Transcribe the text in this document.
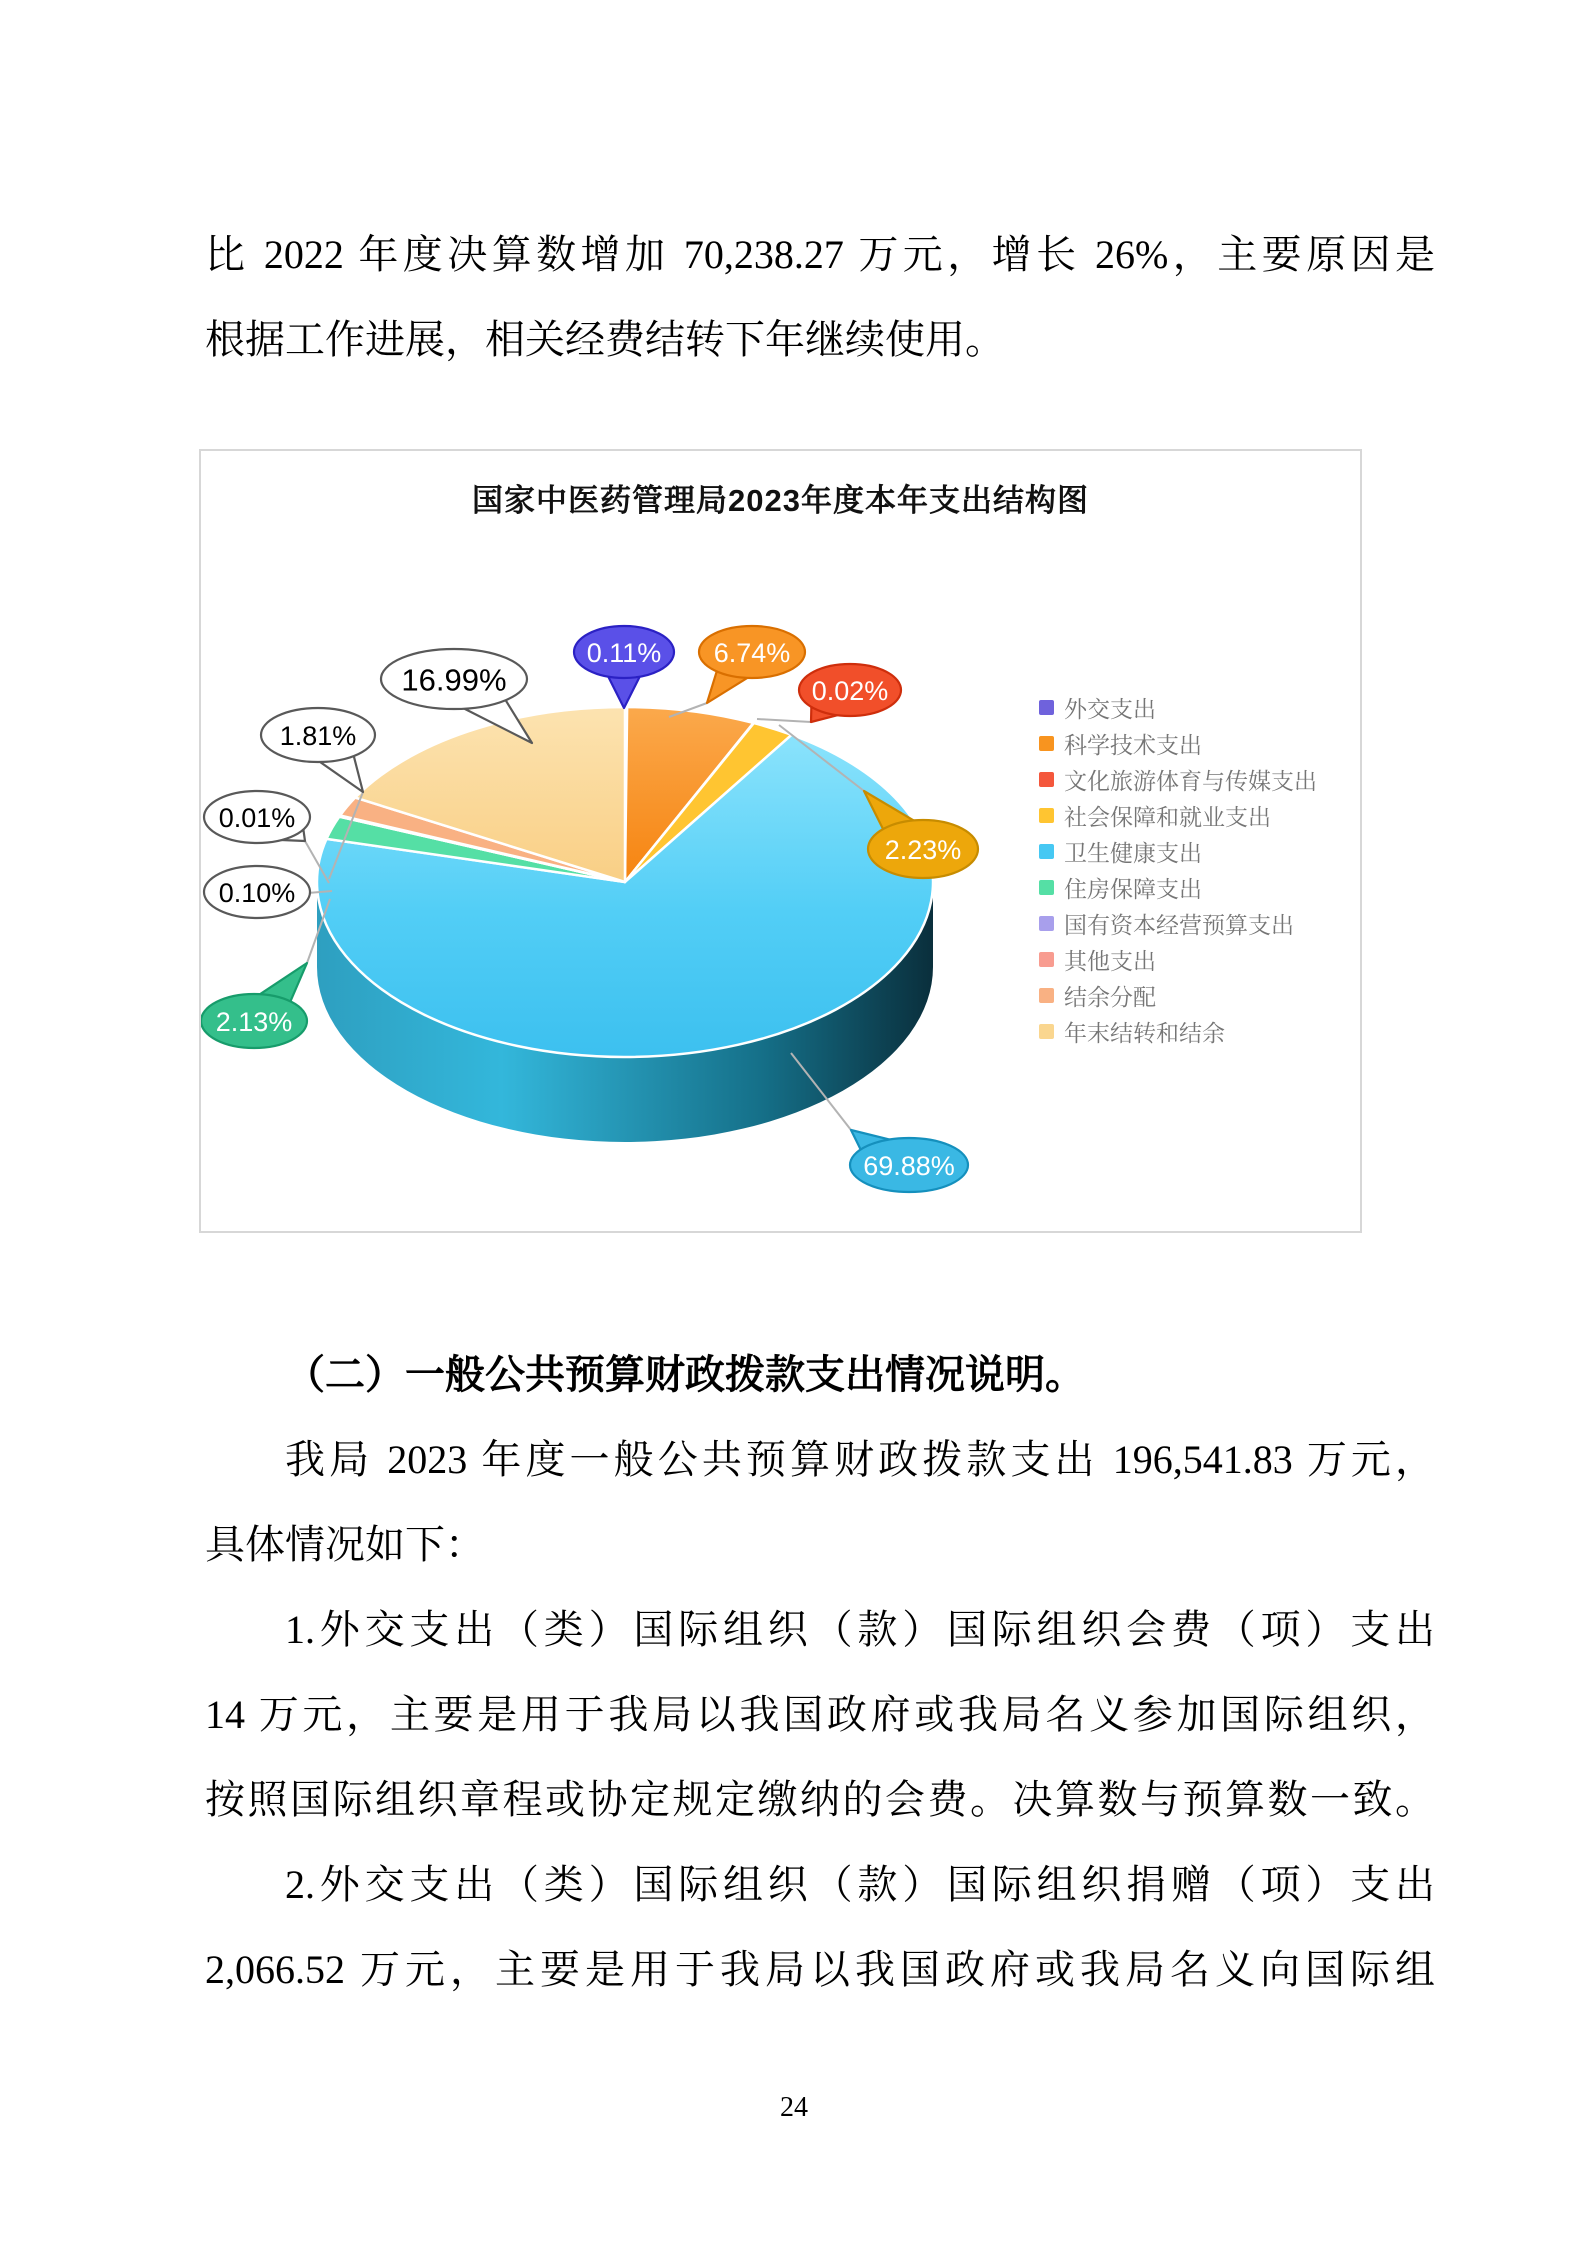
比 2022 年度决算数增加 70,238.27 万元，增长 26%，主要原因是
根据工作进展，相关经费结转下年继续使用。
0.11% 6.74%
0.02%
2.23%
69.88%
2.13%
0.01%
0.10%
1.81%
16.99%
国家中医药管理局2023年度本年支出结构图
外交支出
科学技术支出
文化旅游体育与传媒支出
社会保障和就业支出
卫生健康支出
住房保障支出
国有资本经营预算支出
其他支出
结余分配
年末结转和结余
（二）一般公共预算财政拨款支出情况说明。
我局 2023 年度一般公共预算财政拨款支出 196,541.83 万元，
具体情况如下：
1.外交支出（类）国际组织（款）国际组织会费（项）支出
14 万元，主要是用于我局以我国政府或我局名义参加国际组织，
按照国际组织章程或协定规定缴纳的会费。决算数与预算数一致。
2.外交支出（类）国际组织（款）国际组织捐赠（项）支出
2,066.52 万元，主要是用于我局以我国政府或我局名义向国际组
24
